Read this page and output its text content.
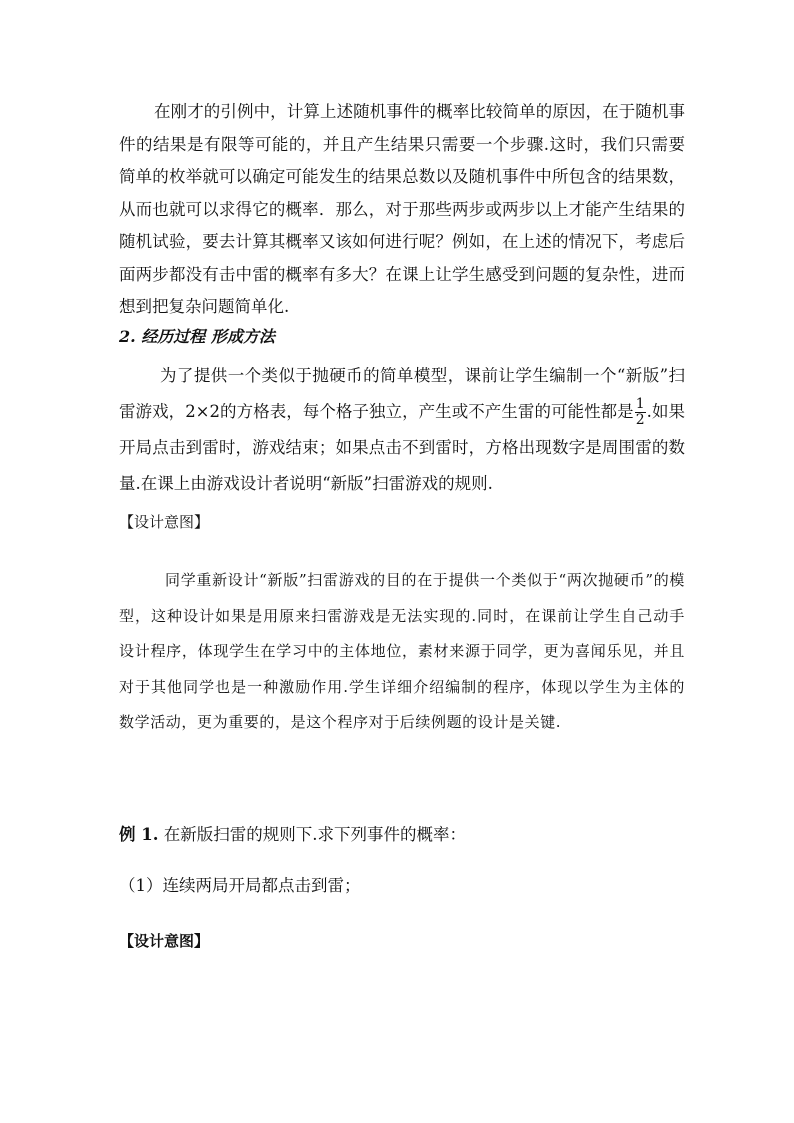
在刚才的引例中，计算上述随机事件的概率比较简单的原因，在于随机事件的结果是有限等可能的，并且产生结果只需要一个步骤.这时，我们只需要简单的枚举就可以确定可能发生的结果总数以及随机事件中所包含的结果数，从而也就可以求得它的概率．那么，对于那些两步或两步以上才能产生结果的随机试验，要去计算其概率又该如何进行呢？例如，在上述的情况下，考虑后面两步都没有击中雷的概率有多大？在课上让学生感受到问题的复杂性，进而想到把复杂问题简单化.
2. 经历过程 形成方法
为了提供一个类似于抛硬币的简单模型，课前让学生编制一个“新版”扫雷游戏，2×2的方格表，每个格子独立，产生或不产生雷的可能性都是 $\frac{1}{2}$ .如果开局点击到雷时，游戏结束；如果点击不到雷时，方格出现数字是周围雷的数量.在课上由游戏设计者说明“新版”扫雷游戏的规则.
【设计意图】
同学重新设计“新版”扫雷游戏的目的在于提供一个类似于“两次抛硬币”的模型，这种设计如果是用原来扫雷游戏是无法实现的.同时，在课前让学生自己动手设计程序，体现学生在学习中的主体地位，素材来源于同学，更为喜闻乐见，并且对于其他同学也是一种激励作用.学生详细介绍编制的程序，体现以学生为主体的数学活动，更为重要的，是这个程序对于后续例题的设计是关键.
例 1. 在新版扫雷的规则下.求下列事件的概率：
（1）连续两局开局都点击到雷；
【设计意图】
